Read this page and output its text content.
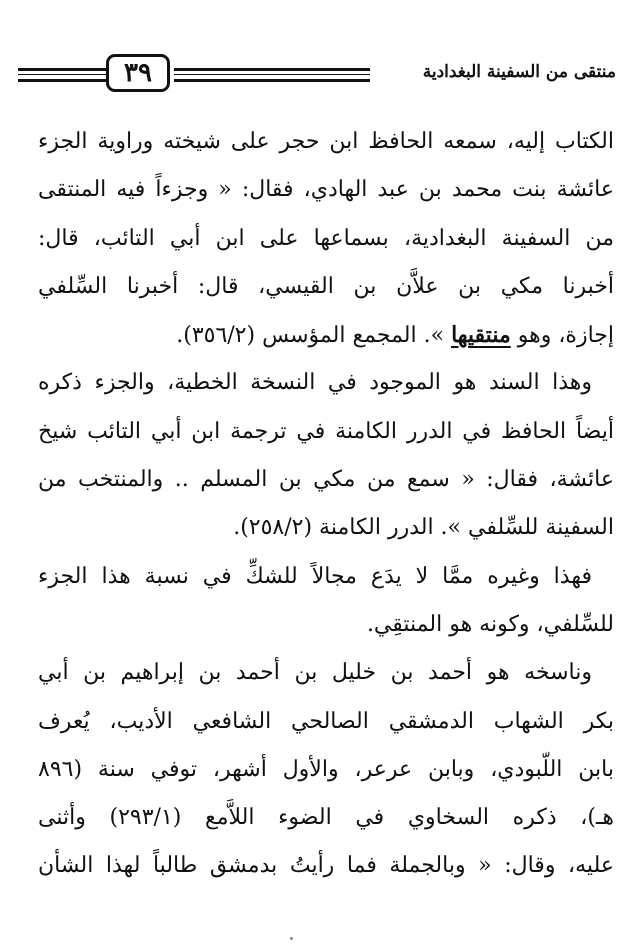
٣٩	منتقى من السفينة البغدادية
الكتاب إليه، سمعه الحافظ ابن حجر على شيخته وراوية الجزء
عائشة بنت محمد بن عبد الهادي، فقال: « وجزءاً فيه المنتقى
من السفينة البغدادية، بسماعها على ابن أبي التائب، قال:
أخبرنا مكي بن علاَّن بن القيسي، قال: أخبرنا السِّلفي
إجازة، وهو منتقيها ». المجمع المؤسس (٣٥٦/٢).
وهذا السند هو الموجود في النسخة الخطية، والجزء ذكره
أيضاً الحافظ في الدرر الكامنة في ترجمة ابن أبي التائب شيخ
عائشة، فقال: « سمع من مكي بن المسلم .. والمنتخب من
السفينة للسِّلفي ». الدرر الكامنة (٢٥٨/٢).
فهذا وغيره ممَّا لا يدَع مجالاً للشكِّ في نسبة هذا الجزء
للسِّلفي، وكونه هو المنتقِي.
وناسخه هو أحمد بن خليل بن أحمد بن إبراهيم بن أبي
بكر الشهاب الدمشقي الصالحي الشافعي الأديب، يُعرف
بابن اللّبودي، وبابن عرعر، والأول أشهر، توفي سنة (٨٩٦
هـ)، ذكره السخاوي في الضوء اللاَّمع (٢٩٣/١) وأثنى
عليه، وقال: « وبالجملة فما رأيتُ بدمشق طالباً لهذا الشأن
